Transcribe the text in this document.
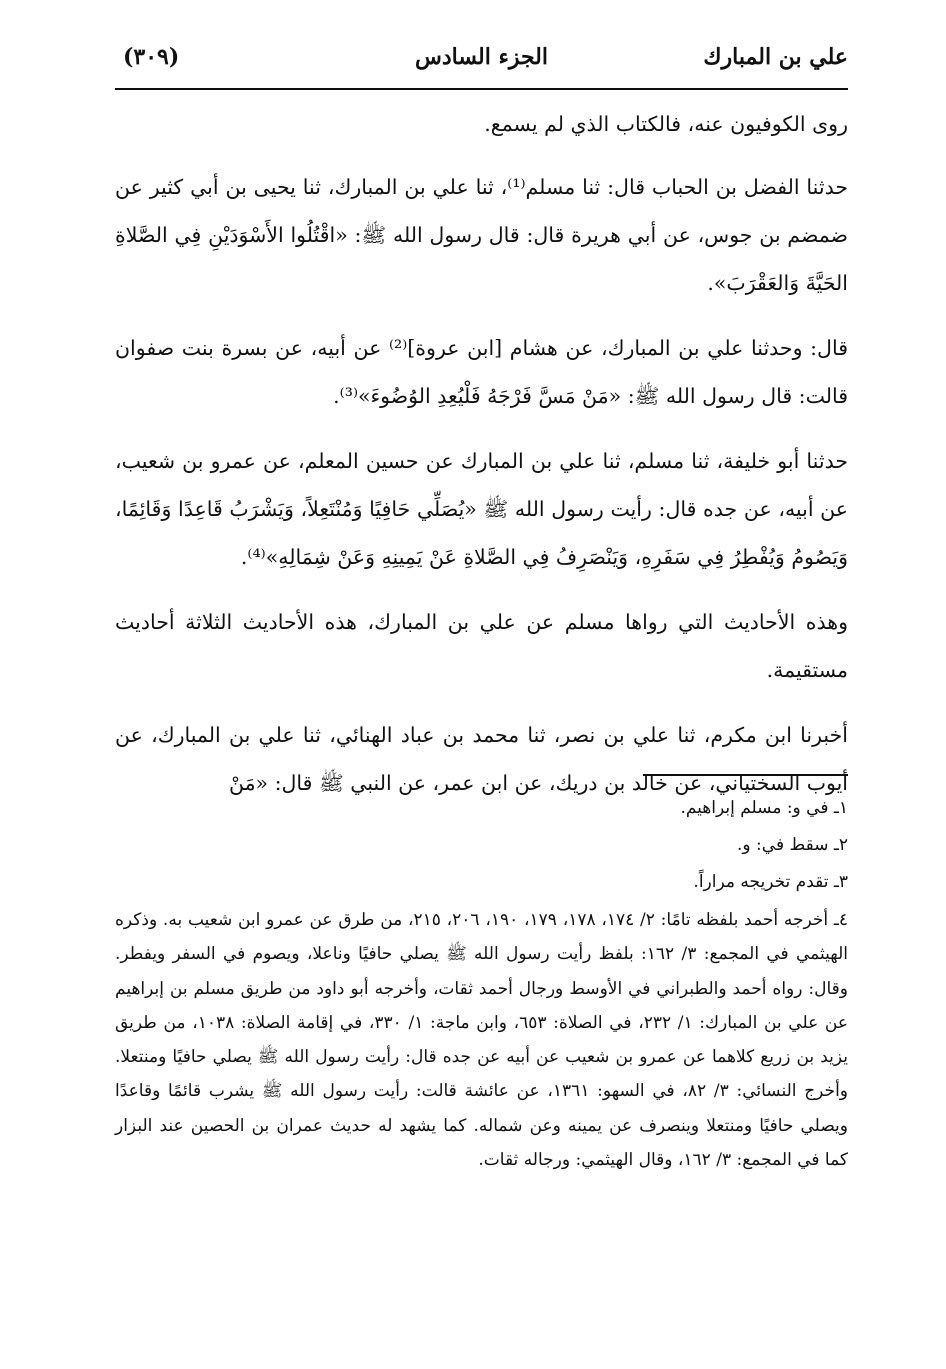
علي بن المبارك
الجزء السادس
(٣٠٩)

روى الكوفيون عنه، فالكتاب الذي لم يسمع.

حدثنا الفضل بن الحباب قال: ثنا مسلم⁽¹⁾، ثنا علي بن المبارك، ثنا يحيى بن أبي كثير عن ضمضم بن جوس، عن أبي هريرة قال: قال رسول الله ﷺ: «اقْتُلُوا الأَسْوَدَيْنِ فِي الصَّلاةِ الحَيَّةَ وَالعَقْرَبَ».

قال: وحدثنا علي بن المبارك، عن هشام [ابن عروة]⁽²⁾ عن أبيه، عن بسرة بنت صفوان قالت: قال رسول الله ﷺ: «مَنْ مَسَّ فَرْجَهُ فَلْيُعِدِ الوُضُوءَ»⁽³⁾.

حدثنا أبو خليفة، ثنا مسلم، ثنا علي بن المبارك عن حسين المعلم، عن عمرو بن شعيب، عن أبيه، عن جده قال: رأيت رسول الله ﷺ «يُصَلِّي حَافِيًا وَمُنْتَعِلاً، وَيَشْرَبُ قَاعِدًا وَقَائِمًا، وَيَصُومُ وَيُفْطِرُ فِي سَفَرِهِ، وَيَنْصَرِفُ فِي الصَّلاةِ عَنْ يَمِينِهِ وَعَنْ شِمَالِهِ»⁽⁴⁾.

وهذه الأحاديث التي رواها مسلم عن علي بن المبارك، هذه الأحاديث الثلاثة أحاديث مستقيمة.

أخبرنا ابن مكرم، ثنا علي بن نصر، ثنا محمد بن عباد الهنائي، ثنا علي بن المبارك، عن أيوب السختياني، عن خالد بن دريك، عن ابن عمر، عن النبي ﷺ قال: «مَنْ

١ـ في و: مسلم إبراهيم.

٢ـ سقط في: و.

٣ـ تقدم تخريجه مراراً.

٤ـ أخرجه أحمد بلفظه تامًا: ٢/ ١٧٤، ١٧٨، ١٧٩، ١٩٠، ٢٠٦، ٢١٥، من طرق عن عمرو ابن شعيب به. وذكره الهيثمي في المجمع: ٣/ ١٦٢: بلفظ رأيت رسول الله ﷺ يصلي حافيًا وناعلا، ويصوم في السفر ويفطر. وقال: رواه أحمد والطبراني في الأوسط ورجال أحمد ثقات، وأخرجه أبو داود من طريق مسلم بن إبراهيم عن علي بن المبارك: ١/ ٢٣٢، في الصلاة: ٦٥٣، وابن ماجة: ١/ ٣٣٠، في إقامة الصلاة: ١٠٣٨، من طريق يزيد بن زريع كلاهما عن عمرو بن شعيب عن أبيه عن جده قال: رأيت رسول الله ﷺ يصلي حافيًا ومنتعلا. وأخرج النسائي: ٣/ ٨٢، في السهو: ١٣٦١، عن عائشة قالت: رأيت رسول الله ﷺ يشرب قائمًا وقاعدًا ويصلي حافيًا ومنتعلا وينصرف عن يمينه وعن شماله. كما يشهد له حديث عمران بن الحصين عند البزار كما في المجمع: ٣/ ١٦٢، وقال الهيثمي: ورجاله ثقات.
